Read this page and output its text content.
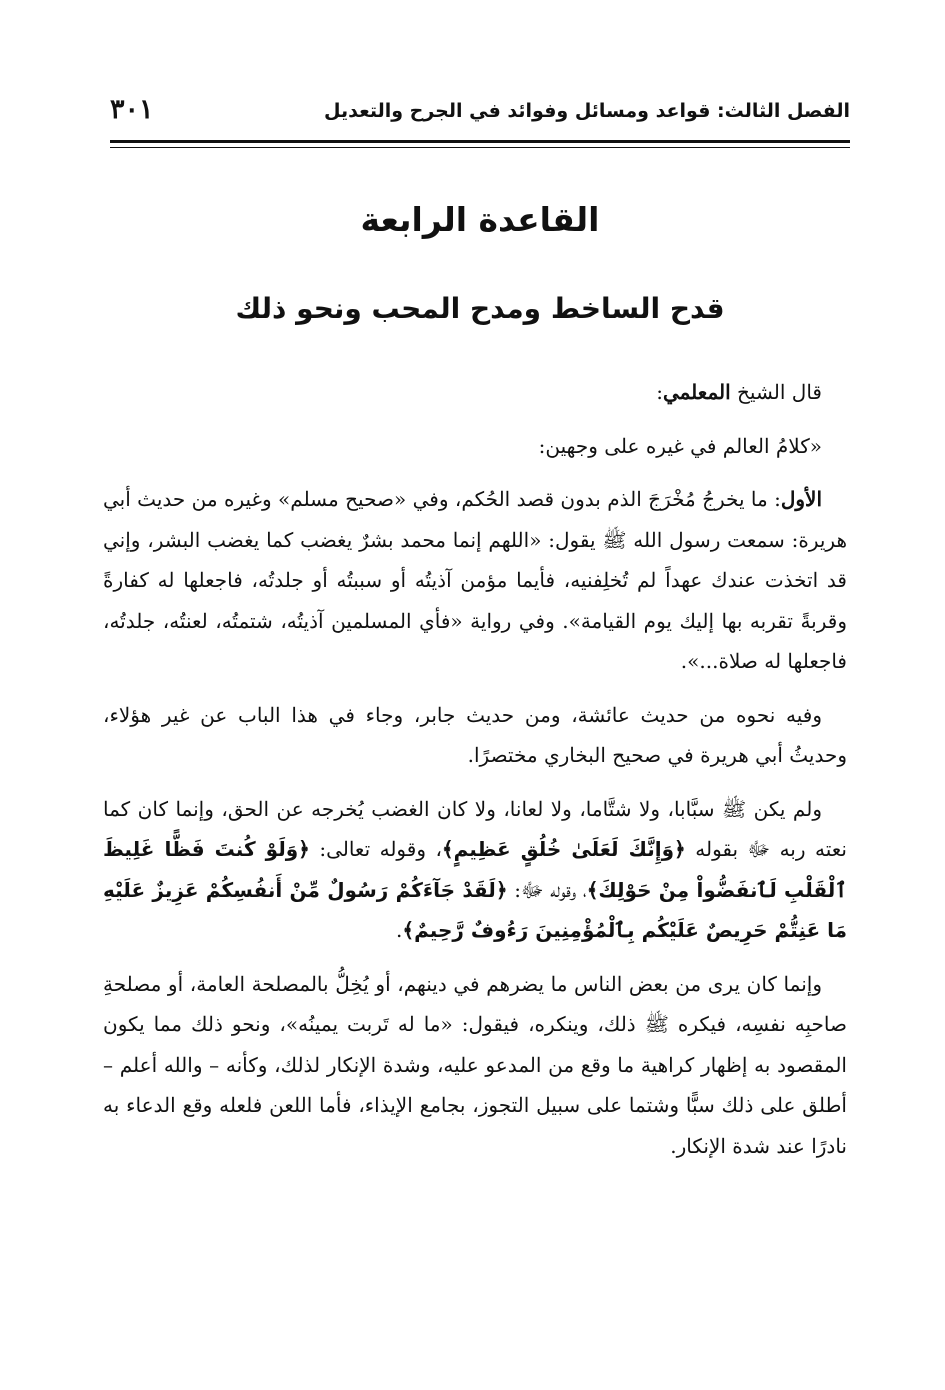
الفصل الثالث: قواعد ومسائل وفوائد في الجرح والتعديل
٣٠١
القاعدة الرابعة
قدح الساخط ومدح المحب ونحو ذلك

قال الشيخ المعلمي:

«كلامُ العالم في غيره على وجهين:

الأول: ما يخرجُ مُخْرَجَ الذم بدون قصد الحُكم، وفي «صحيح مسلم» وغيره من حديث أبي هريرة: سمعت رسول الله ﷺ يقول: «اللهم إنما محمد بشرٌ يغضب كما يغضب البشر، وإني قد اتخذت عندك عهداً لم تُخلِفنيه، فأيما مؤمن آذيتُه أو سببتُه أو جلدتُه، فاجعلها له كفارةً وقربةً تقربه بها إليك يوم القيامة». وفي رواية «فأي المسلمين آذيتُه، شتمتُه، لعنتُه، جلدتُه، فاجعلها له صلاة...».

وفيه نحوه من حديث عائشة، ومن حديث جابر، وجاء في هذا الباب عن غير هؤلاء، وحديثُ أبي هريرة في صحيح البخاري مختصرًا.

ولم يكن ﷺ سبَّابا، ولا شتَّاما، ولا لعانا، ولا كان الغضب يُخرجه عن الحق، وإنما كان كما نعته ربه ﷻ بقوله ﴿وَإِنَّكَ لَعَلَىٰ خُلُقٍ عَظِيمٍ﴾، وقوله تعالى: ﴿وَلَوْ كُنتَ فَظًّا غَلِيظَ ٱلْقَلْبِ لَٱنفَضُّواْ مِنْ حَوْلِكَ﴾، وقوله ﷻ: ﴿لَقَدْ جَآءَكُمْ رَسُولٌ مِّنْ أَنفُسِكُمْ عَزِيزٌ عَلَيْهِ مَا عَنِتُّمْ حَرِيصٌ عَلَيْكُم بِٱلْمُؤْمِنِينَ رَءُوفٌ رَّحِيمٌ﴾.

وإنما كان يرى من بعض الناس ما يضرهم في دينهم، أو يُخِلُّ بالمصلحة العامة، أو مصلحةِ صاحبِه نفسِه، فيكره ﷺ ذلك، وينكره، فيقول: «ما له تَربت يمينُه»، ونحو ذلك مما يكون المقصود به إظهار كراهية ما وقع من المدعو عليه، وشدة الإنكار لذلك، وكأنه – والله أعلم – أطلق على ذلك سبًّا وشتما على سبيل التجوز، بجامع الإيذاء، فأما اللعن فلعله وقع الدعاء به نادرًا عند شدة الإنكار.
